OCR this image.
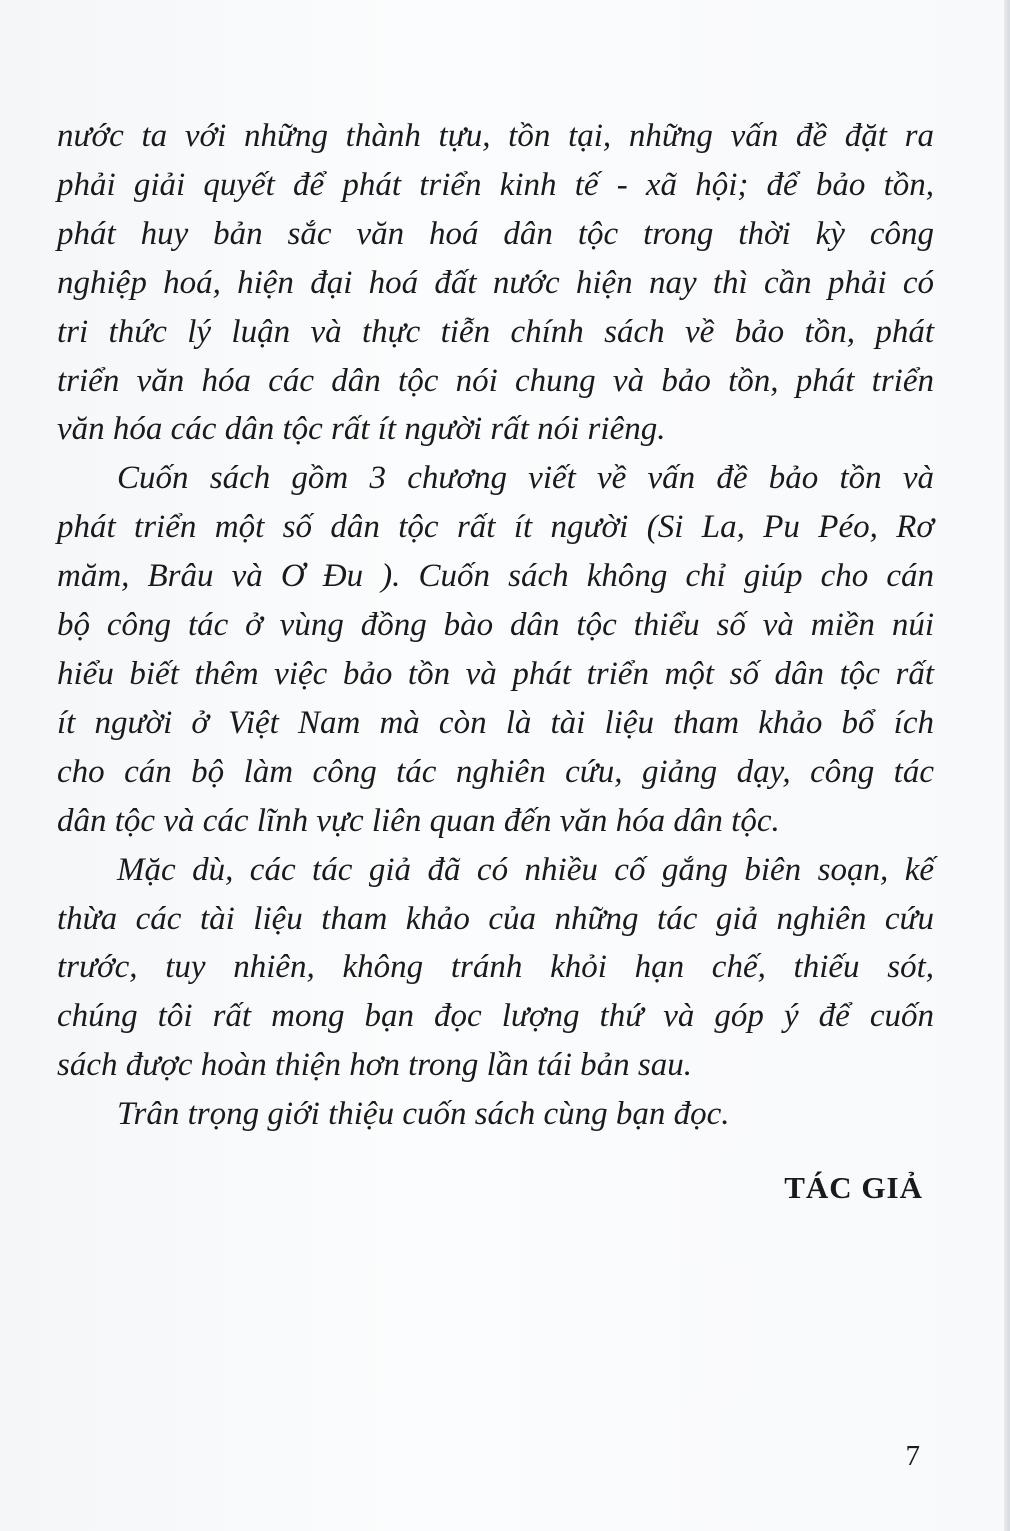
nước ta với những thành tựu, tồn tại, những vấn đề đặt ra
phải giải quyết để phát triển kinh tế - xã hội; để bảo tồn,
phát huy bản sắc văn hoá dân tộc trong thời kỳ công
nghiệp hoá, hiện đại hoá đất nước hiện nay thì cần phải có
tri thức lý luận và thực tiễn chính sách về bảo tồn, phát
triển văn hóa các dân tộc nói chung và bảo tồn, phát triển
văn hóa các dân tộc rất ít người rất nói riêng.
Cuốn sách gồm 3 chương viết về vấn đề bảo tồn và
phát triển một số dân tộc rất ít người (Si La, Pu Péo, Rơ
măm, Brâu và Ơ Đu ). Cuốn sách không chỉ giúp cho cán
bộ công tác ở vùng đồng bào dân tộc thiểu số và miền núi
hiểu biết thêm việc bảo tồn và phát triển một số dân tộc rất
ít người ở Việt Nam mà còn là tài liệu tham khảo bổ ích
cho cán bộ làm công tác nghiên cứu, giảng dạy, công tác
dân tộc và các lĩnh vực liên quan đến văn hóa dân tộc.
Mặc dù, các tác giả đã có nhiều cố gắng biên soạn, kế
thừa các tài liệu tham khảo của những tác giả nghiên cứu
trước, tuy nhiên, không tránh khỏi hạn chế, thiếu sót,
chúng tôi rất mong bạn đọc lượng thứ và góp ý để cuốn
sách được hoàn thiện hơn trong lần tái bản sau.
Trân trọng giới thiệu cuốn sách cùng bạn đọc.
TÁC GIẢ
7
